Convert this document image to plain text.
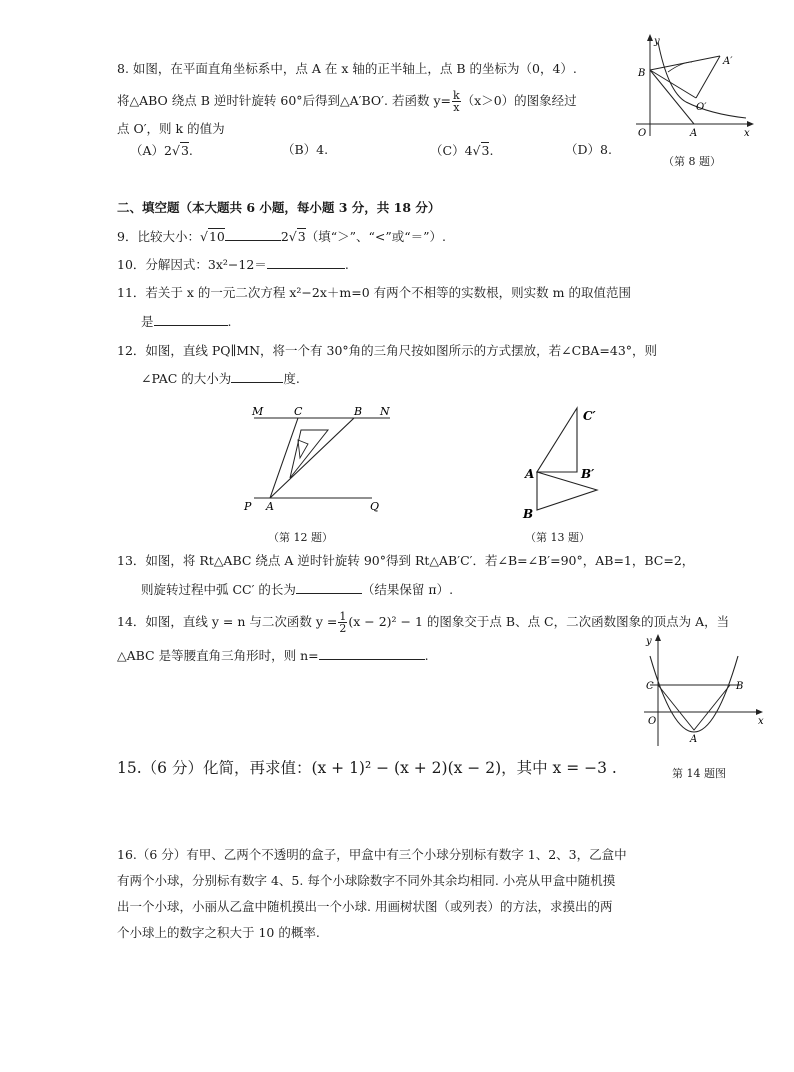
8. 如图，在平面直角坐标系中，点 A 在 x 轴的正半轴上，点 B 的坐标为（0，4）.
将△ABO 绕点 B 逆时针旋转 60°后得到△A′BO′. 若函数 $y= \frac{k}{x} (x>0)$的图象经过
点 O′，则 k 的值为
（A）2√3.	（B）4.	（C）4√3.	（D）8.
y
x
O	A
B
A′
O′
（第 8 题）
二、填空题（本大题共 6 小题，每小题 3 分，共 18 分）
9．比较大小：√10	2√3（填“＞”、“<”或“＝”）.
10．分解因式：3x²−12＝	.
11．若关于 x 的一元二次方程 x²−2x＋m=0 有两个不相等的实数根，则实数 m 的取值范围
是	.
12．如图，直线 PQ∥MN，将一个有 30°角的三角尺按如图所示的方式摆放，若∠CBA=43°，则
∠PAC 的大小为	度.
M	C	B N
P A	Q
（第 12 题）
C′
A	B′
B
（第 13 题）
13．如图，将 Rt△ABC 绕点 A 逆时针旋转 90°得到 Rt△AB′C′．若∠B=∠B′=90°，AB=1，BC=2，
则旋转过程中弧 CC′ 的长为	（结果保留 π）.
14．如图，直线 y = n 与二次函数 $y = \frac{1}{2} (x - 2)^2 - 1$ 的图象交于点 B、点 C，二次函数图象的顶点为 A，当
△ABC 是等腰直角三角形时，则 n=	.
y
x
O
C	B
A
第 14 题图
15.（6 分）化简，再求值：(x + 1)² − (x + 2)(x − 2)，其中 x = −3 .
16.（6 分）有甲、乙两个不透明的盒子，甲盒中有三个小球分别标有数字 1、2、3，乙盒中
有两个小球，分别标有数字 4、5. 每个小球除数字不同外其余均相同. 小亮从甲盒中随机摸
出一个小球，小丽从乙盒中随机摸出一个小球. 用画树状图（或列表）的方法，求摸出的两
个小球上的数字之积大于 10 的概率.
